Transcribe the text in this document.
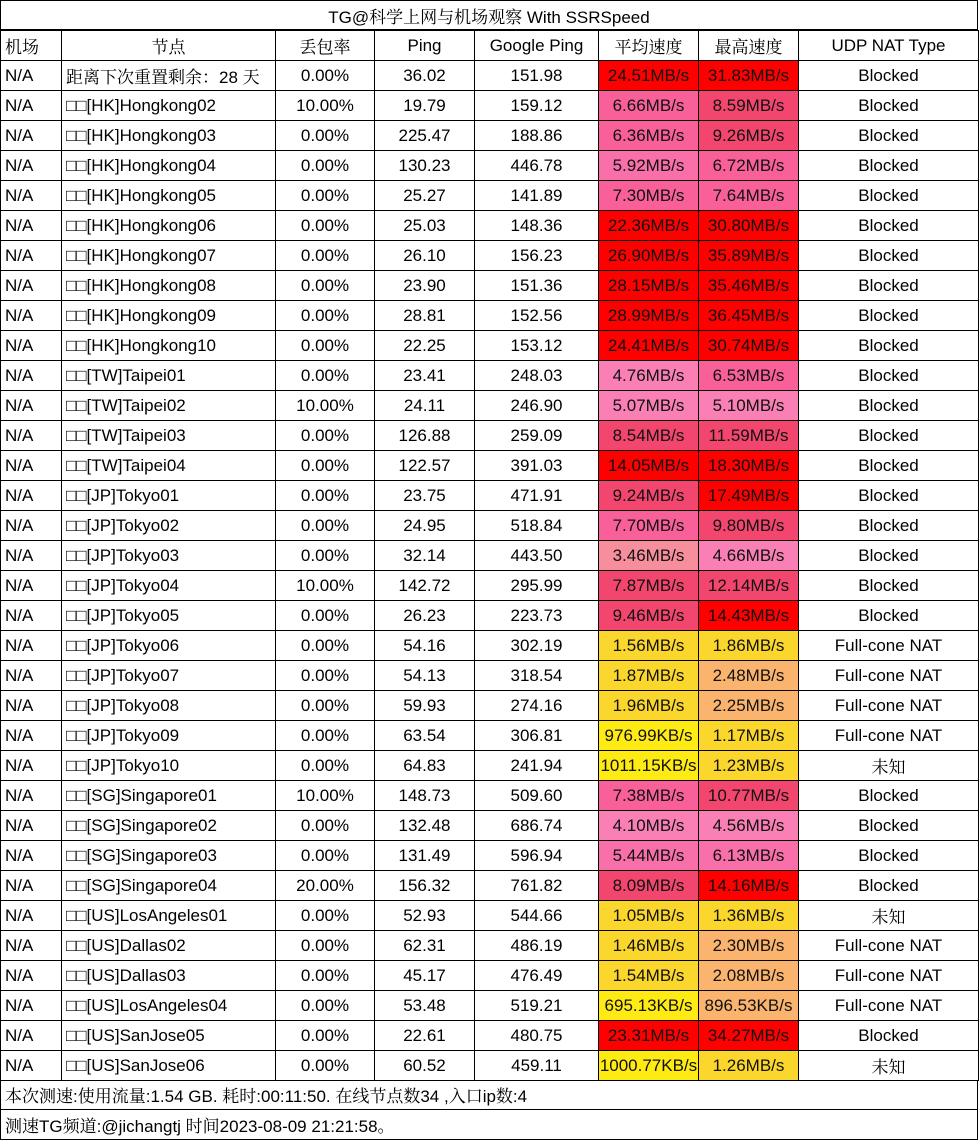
TG@科学上网与机场观察 With SSRSpeed
机场	节点	丢包率	Ping	Google Ping	平均速度	最高速度	UDP NAT Type
N/A	距离下次重置剩余：28 天	0.00%	36.02	151.98	24.51MB/s	31.83MB/s	Blocked
N/A	□□[HK]Hongkong02	10.00%	19.79	159.12	6.66MB/s	8.59MB/s	Blocked
N/A	□□[HK]Hongkong03	0.00%	225.47	188.86	6.36MB/s	9.26MB/s	Blocked
N/A	□□[HK]Hongkong04	0.00%	130.23	446.78	5.92MB/s	6.72MB/s	Blocked
N/A	□□[HK]Hongkong05	0.00%	25.27	141.89	7.30MB/s	7.64MB/s	Blocked
N/A	□□[HK]Hongkong06	0.00%	25.03	148.36	22.36MB/s	30.80MB/s	Blocked
N/A	□□[HK]Hongkong07	0.00%	26.10	156.23	26.90MB/s	35.89MB/s	Blocked
N/A	□□[HK]Hongkong08	0.00%	23.90	151.36	28.15MB/s	35.46MB/s	Blocked
N/A	□□[HK]Hongkong09	0.00%	28.81	152.56	28.99MB/s	36.45MB/s	Blocked
N/A	□□[HK]Hongkong10	0.00%	22.25	153.12	24.41MB/s	30.74MB/s	Blocked
N/A	□□[TW]Taipei01	0.00%	23.41	248.03	4.76MB/s	6.53MB/s	Blocked
N/A	□□[TW]Taipei02	10.00%	24.11	246.90	5.07MB/s	5.10MB/s	Blocked
N/A	□□[TW]Taipei03	0.00%	126.88	259.09	8.54MB/s	11.59MB/s	Blocked
N/A	□□[TW]Taipei04	0.00%	122.57	391.03	14.05MB/s	18.30MB/s	Blocked
N/A	□□[JP]Tokyo01	0.00%	23.75	471.91	9.24MB/s	17.49MB/s	Blocked
N/A	□□[JP]Tokyo02	0.00%	24.95	518.84	7.70MB/s	9.80MB/s	Blocked
N/A	□□[JP]Tokyo03	0.00%	32.14	443.50	3.46MB/s	4.66MB/s	Blocked
N/A	□□[JP]Tokyo04	10.00%	142.72	295.99	7.87MB/s	12.14MB/s	Blocked
N/A	□□[JP]Tokyo05	0.00%	26.23	223.73	9.46MB/s	14.43MB/s	Blocked
N/A	□□[JP]Tokyo06	0.00%	54.16	302.19	1.56MB/s	1.86MB/s	Full-cone NAT
N/A	□□[JP]Tokyo07	0.00%	54.13	318.54	1.87MB/s	2.48MB/s	Full-cone NAT
N/A	□□[JP]Tokyo08	0.00%	59.93	274.16	1.96MB/s	2.25MB/s	Full-cone NAT
N/A	□□[JP]Tokyo09	0.00%	63.54	306.81	976.99KB/s	1.17MB/s	Full-cone NAT
N/A	□□[JP]Tokyo10	0.00%	64.83	241.94	1011.15KB/s	1.23MB/s	未知
N/A	□□[SG]Singapore01	10.00%	148.73	509.60	7.38MB/s	10.77MB/s	Blocked
N/A	□□[SG]Singapore02	0.00%	132.48	686.74	4.10MB/s	4.56MB/s	Blocked
N/A	□□[SG]Singapore03	0.00%	131.49	596.94	5.44MB/s	6.13MB/s	Blocked
N/A	□□[SG]Singapore04	20.00%	156.32	761.82	8.09MB/s	14.16MB/s	Blocked
N/A	□□[US]LosAngeles01	0.00%	52.93	544.66	1.05MB/s	1.36MB/s	未知
N/A	□□[US]Dallas02	0.00%	62.31	486.19	1.46MB/s	2.30MB/s	Full-cone NAT
N/A	□□[US]Dallas03	0.00%	45.17	476.49	1.54MB/s	2.08MB/s	Full-cone NAT
N/A	□□[US]LosAngeles04	0.00%	53.48	519.21	695.13KB/s	896.53KB/s	Full-cone NAT
N/A	□□[US]SanJose05	0.00%	22.61	480.75	23.31MB/s	34.27MB/s	Blocked
N/A	□□[US]SanJose06	0.00%	60.52	459.11	1000.77KB/s	1.26MB/s	未知
本次测速:使用流量:1.54 GB. 耗时:00:11:50. 在线节点数34 ,入口ip数:4
测速TG频道:@jichangtj 时间2023-08-09 21:21:58。
